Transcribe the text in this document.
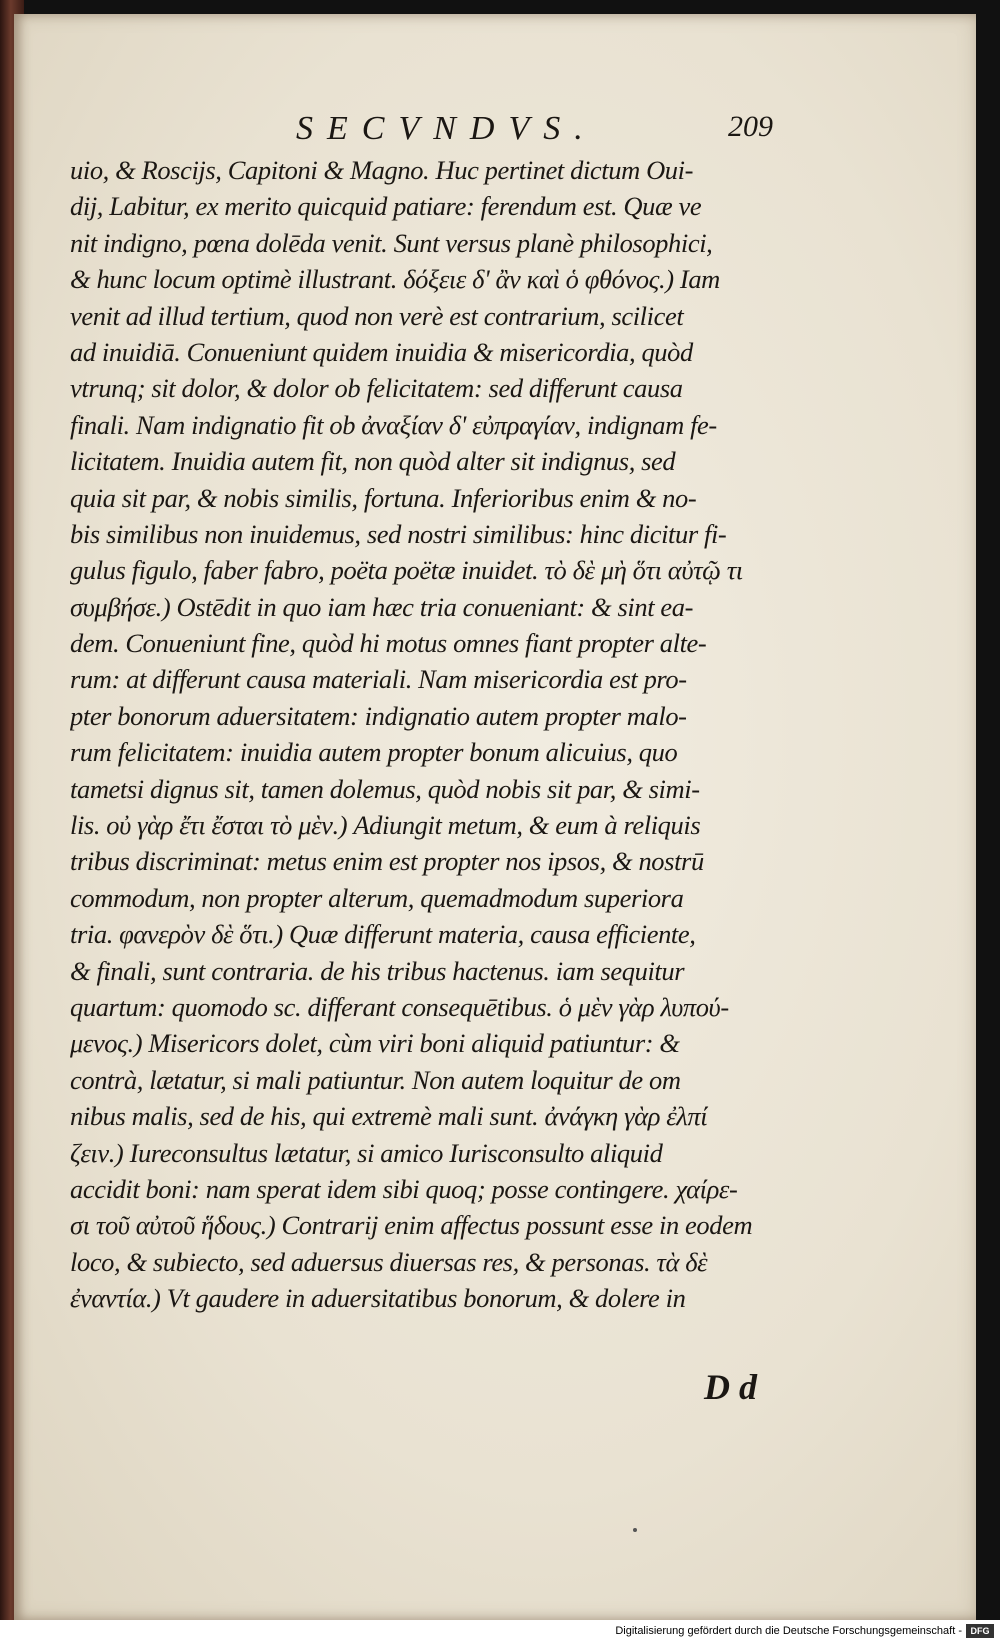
SECVNDVS.	209
uio, & Rosciјs, Capitoni & Magno. Huc pertinet dictum Oui-
dij, Labitur, ex merito quicquid patiare: ferendum est. Quæ ve
nit indigno, pœna dolēda venit. Sunt versus planè philosophici,
& hunc locum optimè illustrant. δόξειε δ' ἂν καὶ ὁ φθόνος.) Iam
venit ad illud tertium, quod non verè est contrarium, scilicet
ad inuidiā. Conueniunt quidem inuidia & misericordia, quòd
vtrunq; sit dolor, & dolor ob felicitatem: sed differunt causa
finali. Nam indignatio fit ob ἀναξίαν δ' εὐπραγίαν, indignam fe-
licitatem. Inuidia autem fit, non quòd alter sit indignus, sed
quia sit par, & nobis similis, fortuna. Inferioribus enim & no-
bis similibus non inuidemus, sed nostri similibus: hinc dicitur fi-
gulus figulo, faber fabro, poëta poëtæ inuidet. τὸ δὲ μὴ ὅτι αὐτῷ τι
συμβήσε.) Ostēdit in quo iam hæc tria conueniant: & sint ea-
dem. Conueniunt fine, quòd hi motus omnes fiant propter alte-
rum: at differunt causa materiali. Nam misericordia est pro-
pter bonorum aduersitatem: indignatio autem propter malo-
rum felicitatem: inuidia autem propter bonum alicuius, quo
tametsi dignus sit, tamen dolemus, quòd nobis sit par, & simi-
lis. οὐ γὰρ ἔτι ἔσται τὸ μὲν.) Adiungit metum, & eum à reliquis
tribus discriminat: metus enim est propter nos ipsos, & nostrū
commodum, non propter alterum, quemadmodum superiora
tria. φανερὸν δὲ ὅτι.) Quæ differunt materia, causa efficiente,
& finali, sunt contraria. de his tribus hactenus. iam sequitur
quartum: quomodo sc. differant consequētibus. ὁ μὲν γὰρ λυπού-
μενος.) Misericors dolet, cùm viri boni aliquid patiuntur: &
contrà, lætatur, si mali patiuntur. Non autem loquitur de om
nibus malis, sed de his, qui extremè mali sunt. ἀνάγκη γὰρ ἐλπί
ζειν.) Iureconsultus lætatur, si amico Iurisconsulto aliquid
accidit boni: nam sperat idem sibi quoq; posse contingere. χαίρε-
σι τοῦ αὐτοῦ ἥδους.) Contrarij enim affectus possunt esse in eodem
loco, & subiecto, sed aduersus diuersas res, & personas. τὰ δὲ
ἐναντία.) Vt gaudere in aduersitatibus bonorum, & dolere in
D d
Digitalisierung gefördert durch die Deutsche Forschungsgemeinschaft - DFG
